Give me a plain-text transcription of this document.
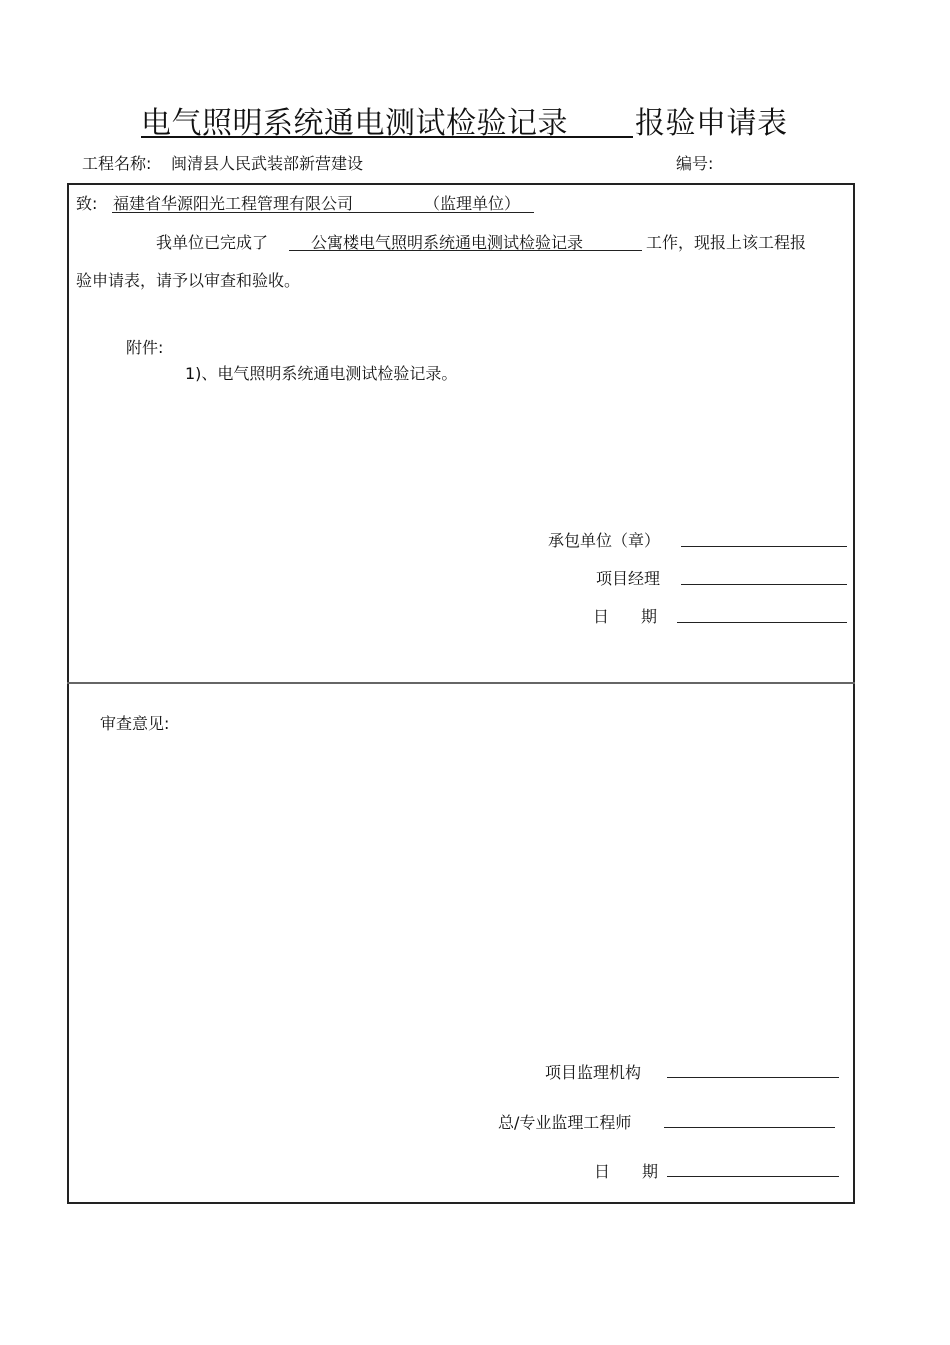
电气照明系统通电测试检验记录 报验申请表
工程名称: 闽清县人民武装部新营建设	编号:
致: 福建省华源阳光工程管理有限公司	（监理单位）
我单位已完成了	公寓楼电气照明系统通电测试检验记录	工作，现报上该工程报
验申请表，请予以审查和验收。
附件:
1)、电气照明系统通电测试检验记录。
承包单位（章）
项目经理
日　　期
审查意见:
项目监理机构
总/专业监理工程师
日　　期
